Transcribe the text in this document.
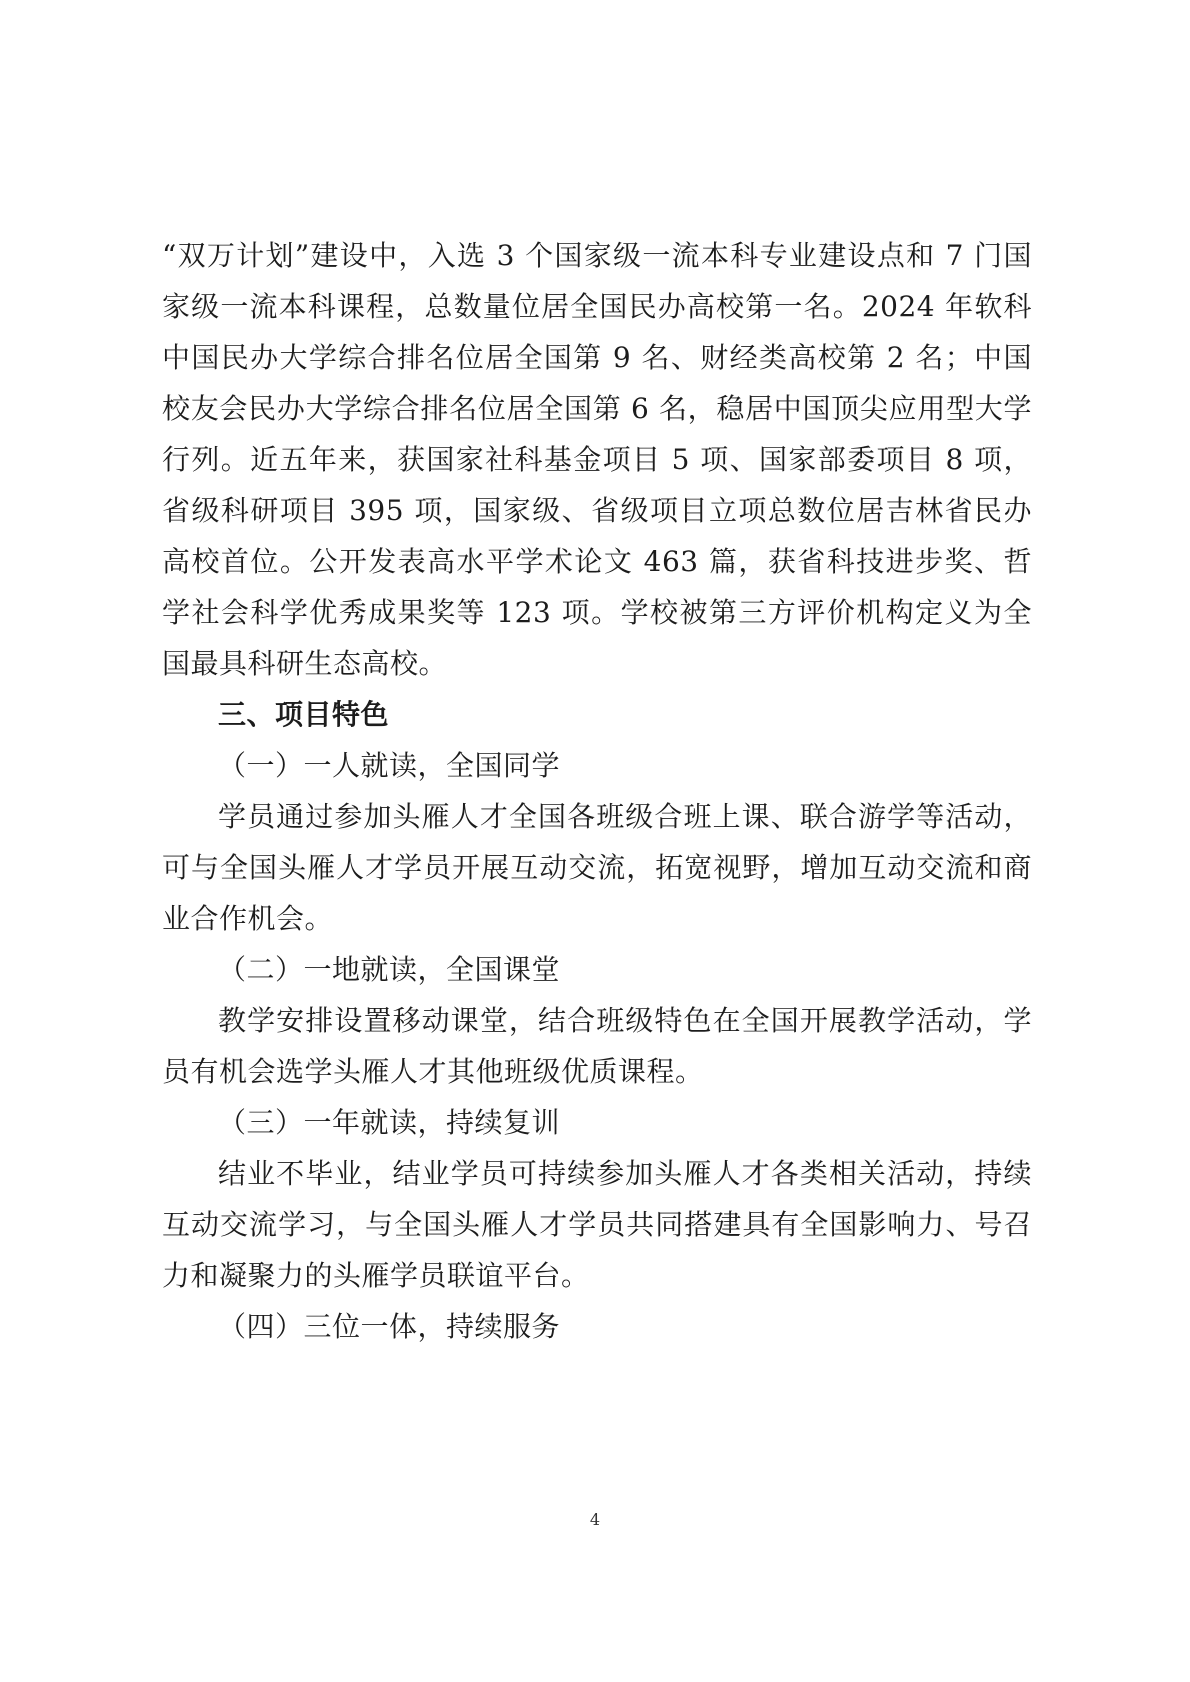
“双万计划”建设中，入选 3 个国家级一流本科专业建设点和 7 门国家级一流本科课程，总数量位居全国民办高校第一名。2024 年软科中国民办大学综合排名位居全国第 9 名、财经类高校第 2 名；中国校友会民办大学综合排名位居全国第 6 名，稳居中国顶尖应用型大学行列。近五年来，获国家社科基金项目 5 项、国家部委项目 8 项，省级科研项目 395 项，国家级、省级项目立项总数位居吉林省民办高校首位。公开发表高水平学术论文 463 篇，获省科技进步奖、哲学社会科学优秀成果奖等 123 项。学校被第三方评价机构定义为全国最具科研生态高校。

三、项目特色

（一）一人就读，全国同学

学员通过参加头雁人才全国各班级合班上课、联合游学等活动，可与全国头雁人才学员开展互动交流，拓宽视野，增加互动交流和商业合作机会。

（二）一地就读，全国课堂

教学安排设置移动课堂，结合班级特色在全国开展教学活动，学员有机会选学头雁人才其他班级优质课程。

（三）一年就读，持续复训

结业不毕业，结业学员可持续参加头雁人才各类相关活动，持续互动交流学习，与全国头雁人才学员共同搭建具有全国影响力、号召力和凝聚力的头雁学员联谊平台。

（四）三位一体，持续服务

4
